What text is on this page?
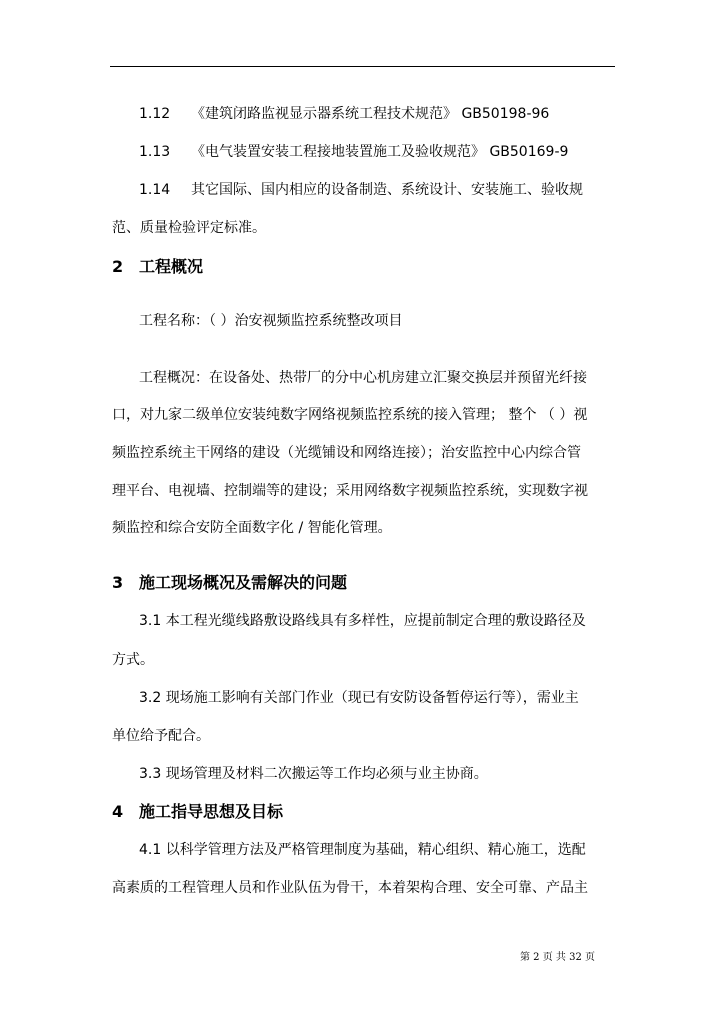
1.12 《建筑闭路监视显示器系统工程技术规范》 GB50198-96
1.13 《电气装置安装工程接地装置施工及验收规范》 GB50169-9
1.14 其它国际、国内相应的设备制造、系统设计、安装施工、验收规
范、质量检验评定标准。
2 工程概况
工程名称：（ ）治安视频监控系统整改项目
工程概况：在设备处、热带厂的分中心机房建立汇聚交换层并预留光纤接
口，对九家二级单位安装纯数字网络视频监控系统的接入管理； 整个 （ ）视
频监控系统主干网络的建设（光缆铺设和网络连接）；治安监控中心内综合管
理平台、电视墙、控制端等的建设；采用网络数字视频监控系统，实现数字视
频监控和综合安防全面数字化 / 智能化管理。
3 施工现场概况及需解决的问题
3.1 本工程光缆线路敷设路线具有多样性，应提前制定合理的敷设路径及
方式。
3.2 现场施工影响有关部门作业（现已有安防设备暂停运行等），需业主
单位给予配合。
3.3 现场管理及材料二次搬运等工作均必须与业主协商。
4 施工指导思想及目标
4.1 以科学管理方法及严格管理制度为基础，精心组织、精心施工，选配
高素质的工程管理人员和作业队伍为骨干，本着架构合理、安全可靠、产品主
第 2 页 共 32 页
